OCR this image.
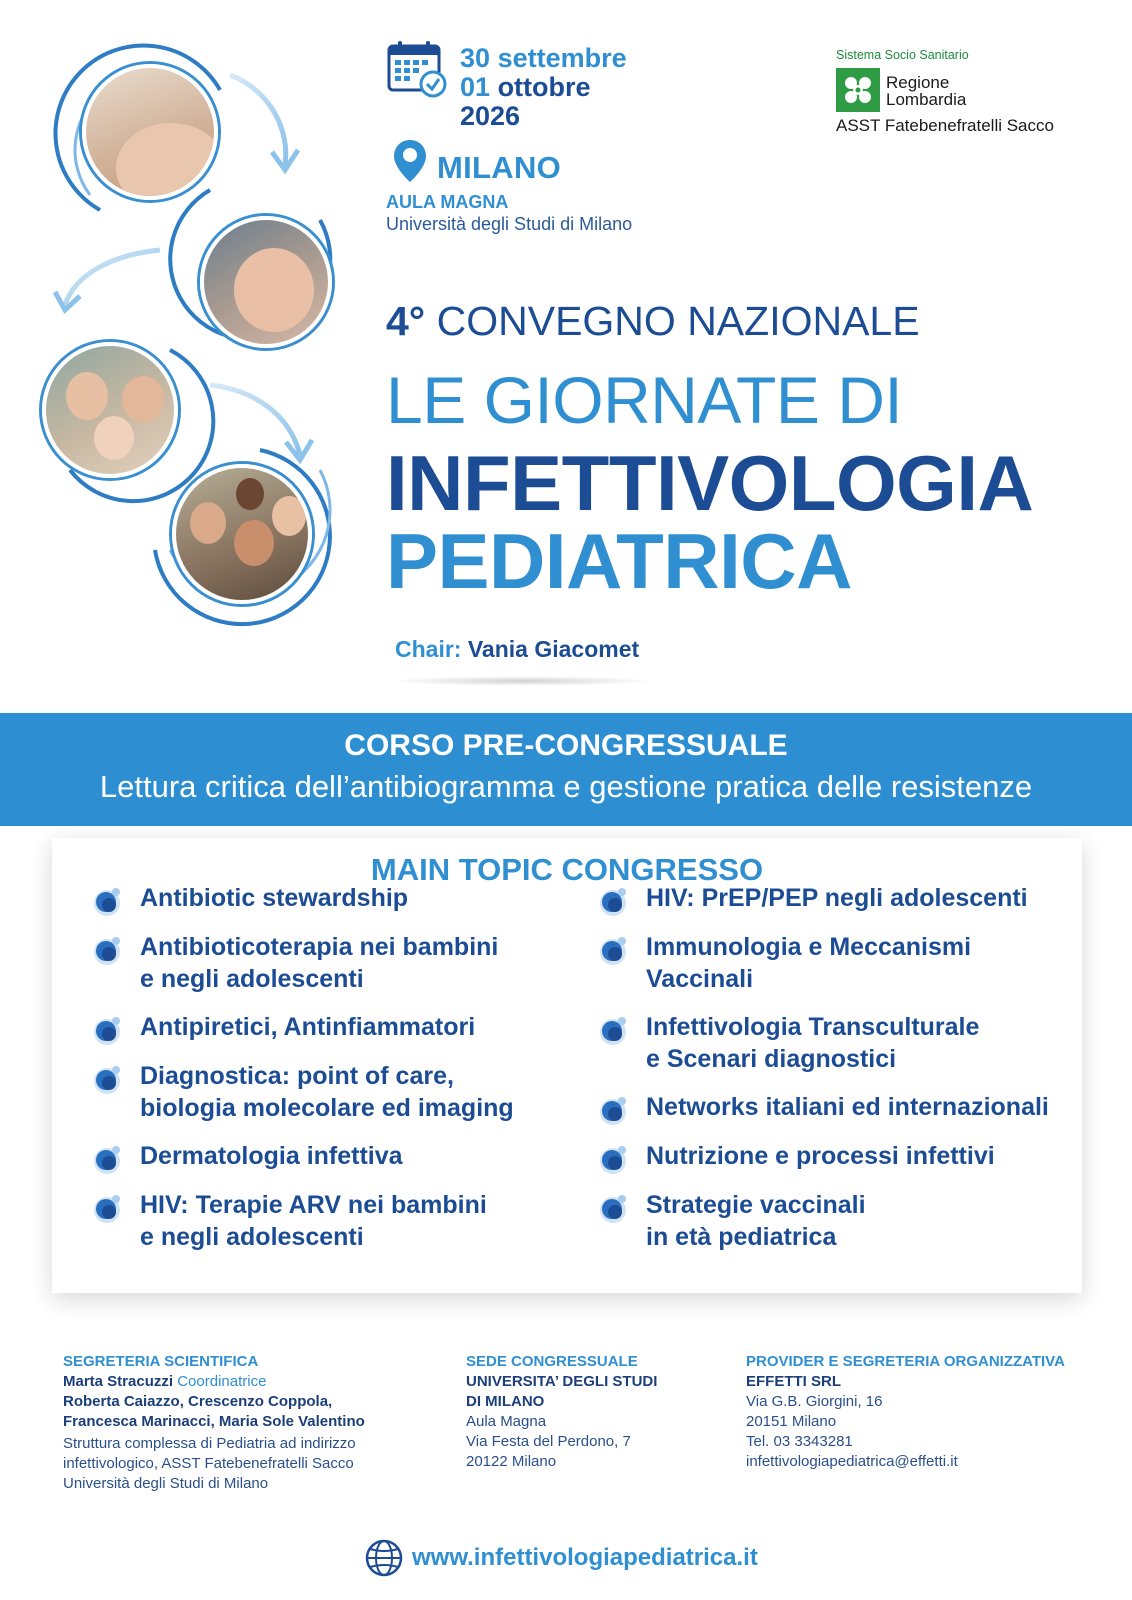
30 settembre
01 ottobre
2026
MILANO
AULA MAGNA
Università degli Studi di Milano
Sistema Socio Sanitario
Regione
Lombardia
ASST Fatebenefratelli Sacco
4° CONVEGNO NAZIONALE
LE GIORNATE DI
INFETTIVOLOGIA
PEDIATRICA
Chair: Vania Giacomet
CORSO PRE-CONGRESSUALE
Lettura critica dell’antibiogramma e gestione pratica delle resistenze
MAIN TOPIC CONGRESSO
Antibiotic stewardship
Antibioticoterapia nei bambini
e negli adolescenti
Antipiretici, Antinfiammatori
Diagnostica: point of care,
biologia molecolare ed imaging
Dermatologia infettiva
HIV: Terapie ARV nei bambini
e negli adolescenti
HIV: PrEP/PEP negli adolescenti
Immunologia e Meccanismi
Vaccinali
Infettivologia Transculturale
e Scenari diagnostici
Networks italiani ed internazionali
Nutrizione e processi infettivi
Strategie vaccinali
in età pediatrica
SEGRETERIA SCIENTIFICA
Marta Stracuzzi Coordinatrice
Roberta Caiazzo, Crescenzo Coppola,
Francesca Marinacci, Maria Sole Valentino
Struttura complessa di Pediatria ad indirizzo
infettivologico, ASST Fatebenefratelli Sacco
Università degli Studi di Milano
SEDE CONGRESSUALE
UNIVERSITA’ DEGLI STUDI
DI MILANO
Aula Magna
Via Festa del Perdono, 7
20122 Milano
PROVIDER E SEGRETERIA ORGANIZZATIVA
EFFETTI SRL
Via G.B. Giorgini, 16
20151 Milano
Tel. 03 3343281
infettivologiapediatrica@effetti.it
www.infettivologiapediatrica.it
